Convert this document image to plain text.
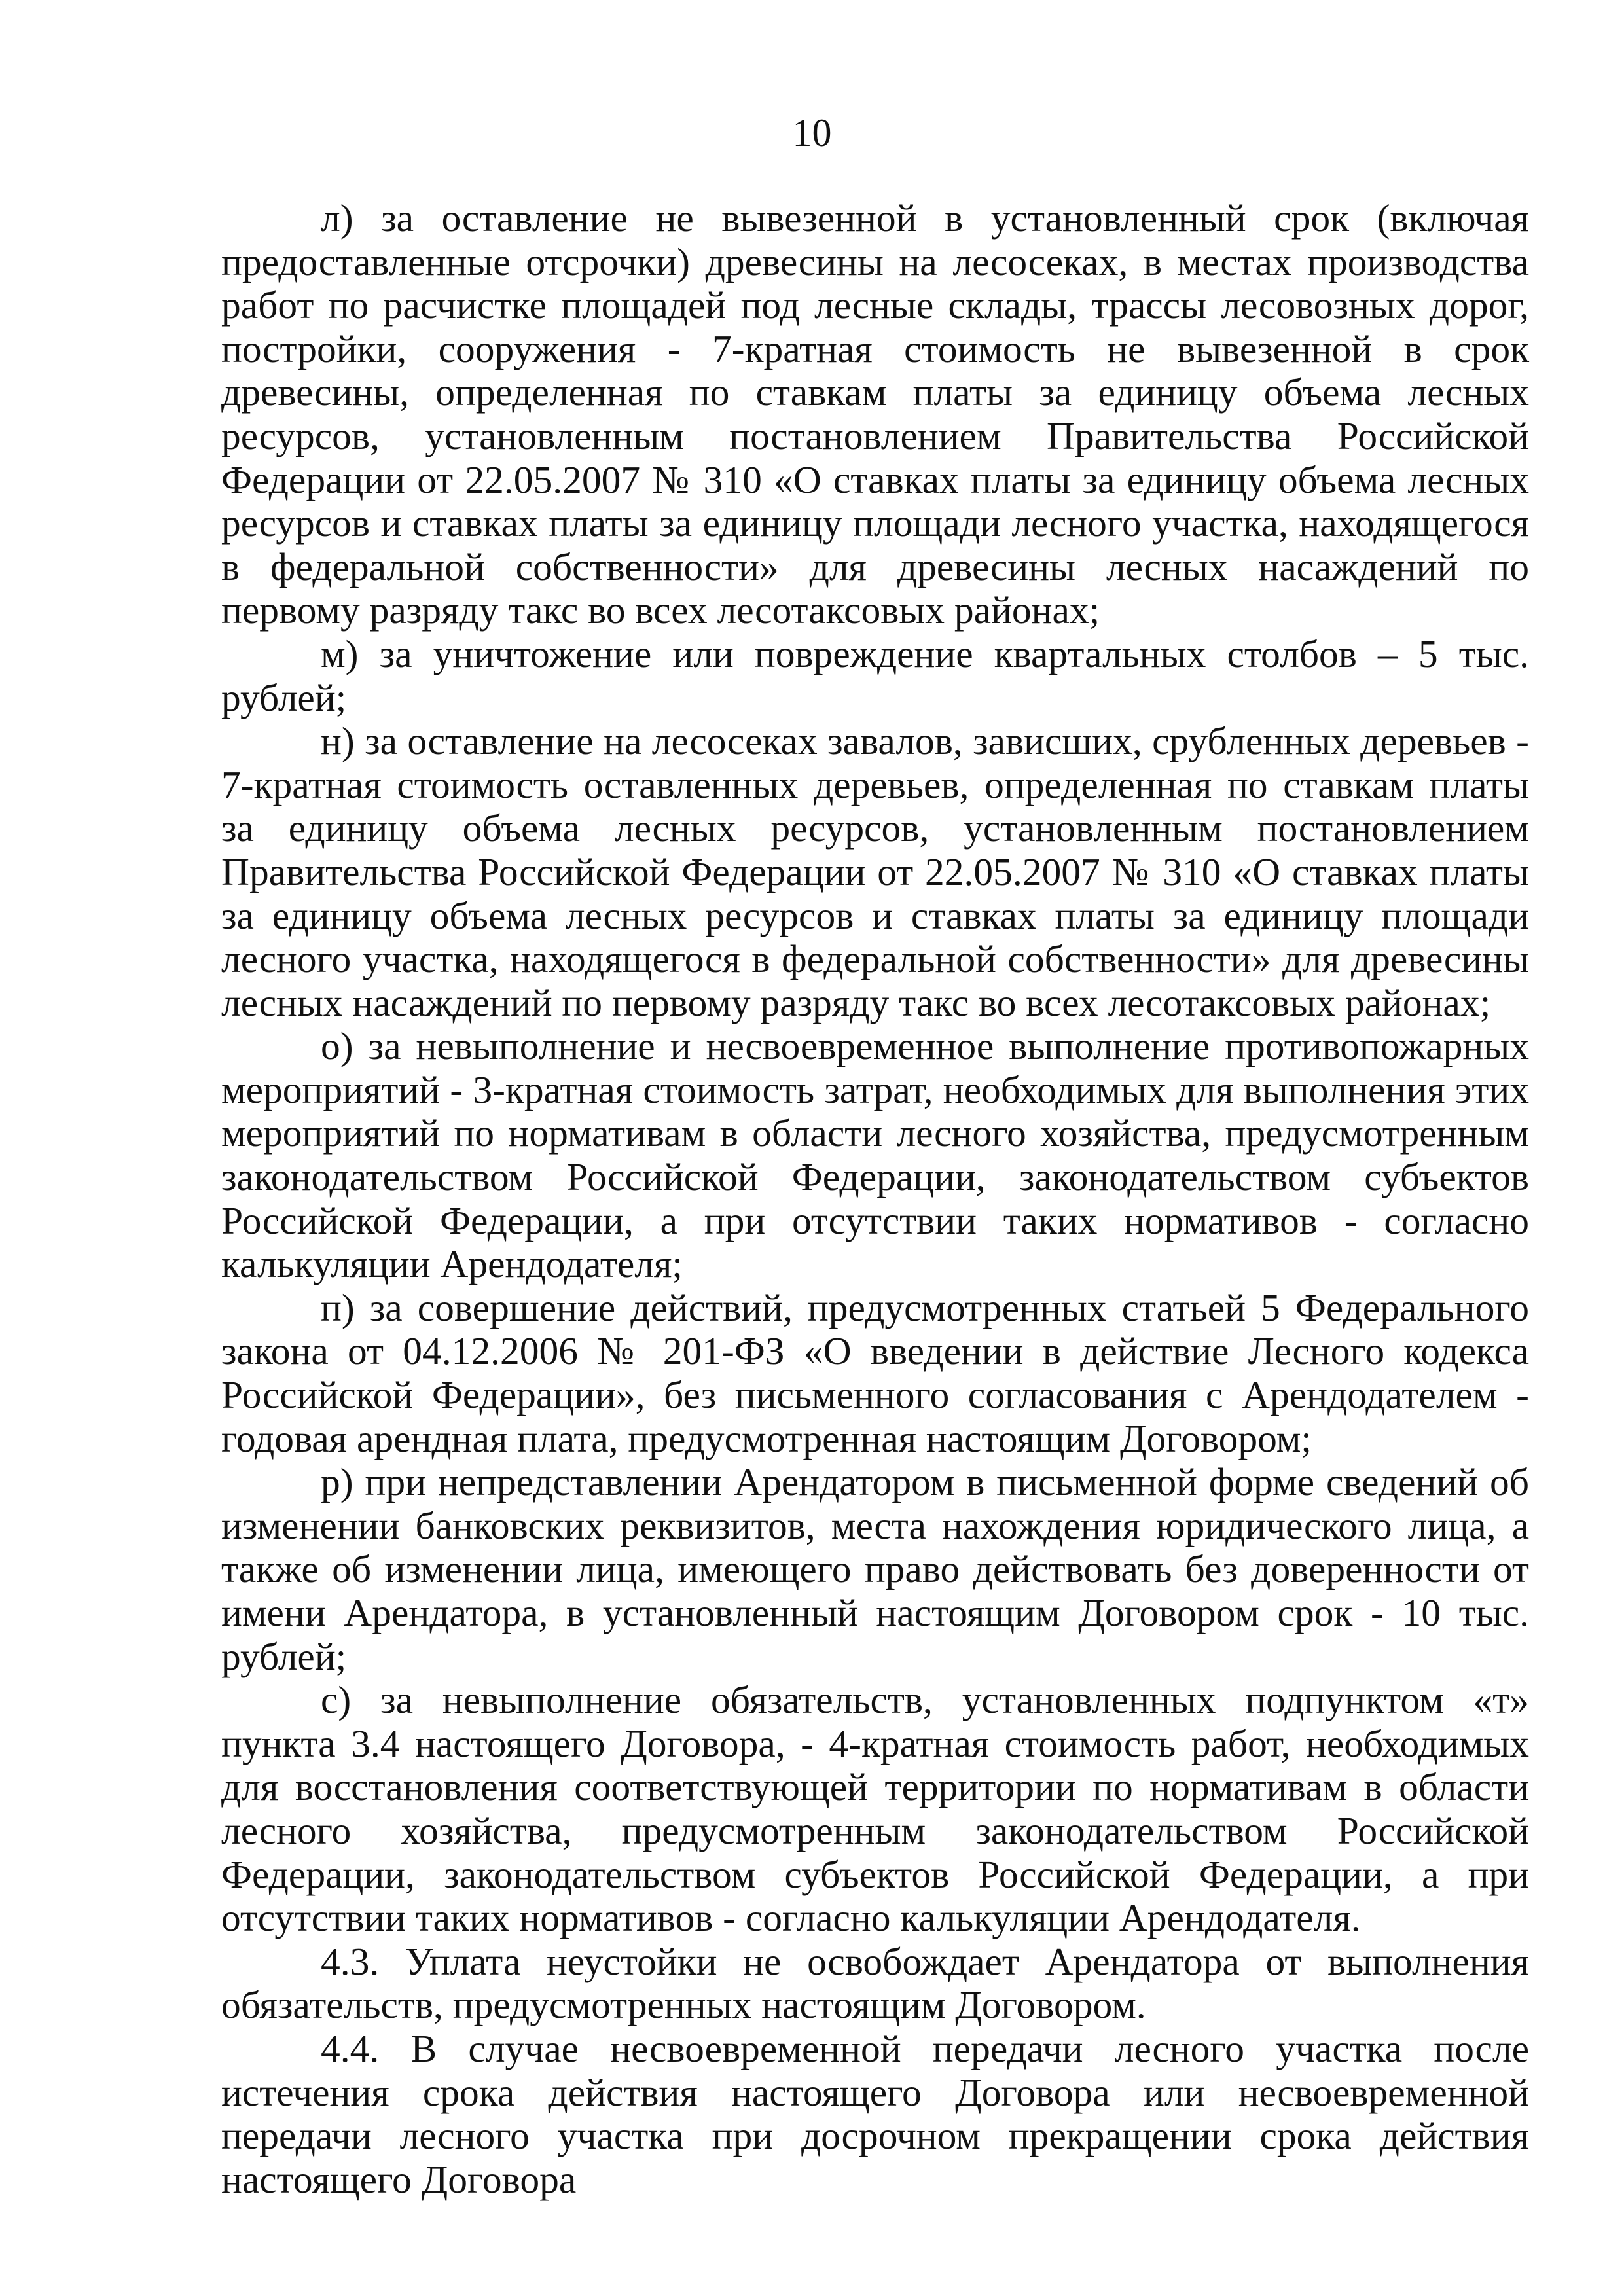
10

л) за оставление не вывезенной в установленный срок (включая предоставленные отсрочки) древесины на лесосеках, в местах производства работ по расчистке площадей под лесные склады, трассы лесовозных дорог, постройки, сооружения - 7-кратная стоимость не вывезенной в срок древесины, определенная по ставкам платы за единицу объема лесных ресурсов, установленным постановлением Правительства Российской Федерации от 22.05.2007 № 310 «О ставках платы за единицу объема лесных ресурсов и ставках платы за единицу площади лесного участка, находящегося в федеральной собственности» для древесины лесных насаждений по первому разряду такс во всех лесотаксовых районах;

м) за уничтожение или повреждение квартальных столбов – 5 тыс. рублей;

н) за оставление на лесосеках завалов, зависших, срубленных деревьев - 7-кратная стоимость оставленных деревьев, определенная по ставкам платы за единицу объема лесных ресурсов, установленным постановлением Правительства Российской Федерации от 22.05.2007 № 310 «О ставках платы за единицу объема лесных ресурсов и ставках платы за единицу площади лесного участка, находящегося в федеральной собственности» для древесины лесных насаждений по первому разряду такс во всех лесотаксовых районах;

о) за невыполнение и несвоевременное выполнение противопожарных мероприятий - 3-кратная стоимость затрат, необходимых для выполнения этих мероприятий по нормативам в области лесного хозяйства, предусмотренным законодательством Российской Федерации, законодательством субъектов Российской Федерации, а при отсутствии таких нормативов - согласно калькуляции Арендодателя;

п) за совершение действий, предусмотренных статьей 5 Федерального закона от 04.12.2006 № 201-ФЗ «О введении в действие Лесного кодекса Российской Федерации», без письменного согласования с Арендодателем - годовая арендная плата, предусмотренная настоящим Договором;

р) при непредставлении Арендатором в письменной форме сведений об изменении банковских реквизитов, места нахождения юридического лица, а также об изменении лица, имеющего право действовать без доверенности от имени Арендатора, в установленный настоящим Договором срок - 10 тыс. рублей;

с) за невыполнение обязательств, установленных подпунктом «т» пункта 3.4 настоящего Договора, - 4-кратная стоимость работ, необходимых для восстановления соответствующей территории по нормативам в области лесного хозяйства, предусмотренным законодательством Российской Федерации, законодательством субъектов Российской Федерации, а при отсутствии таких нормативов - согласно калькуляции Арендодателя.

4.3. Уплата неустойки не освобождает Арендатора от выполнения обязательств, предусмотренных настоящим Договором.

4.4. В случае несвоевременной передачи лесного участка после истечения срока действия настоящего Договора или несвоевременной передачи лесного участка при досрочном прекращении срока действия настоящего Договора
